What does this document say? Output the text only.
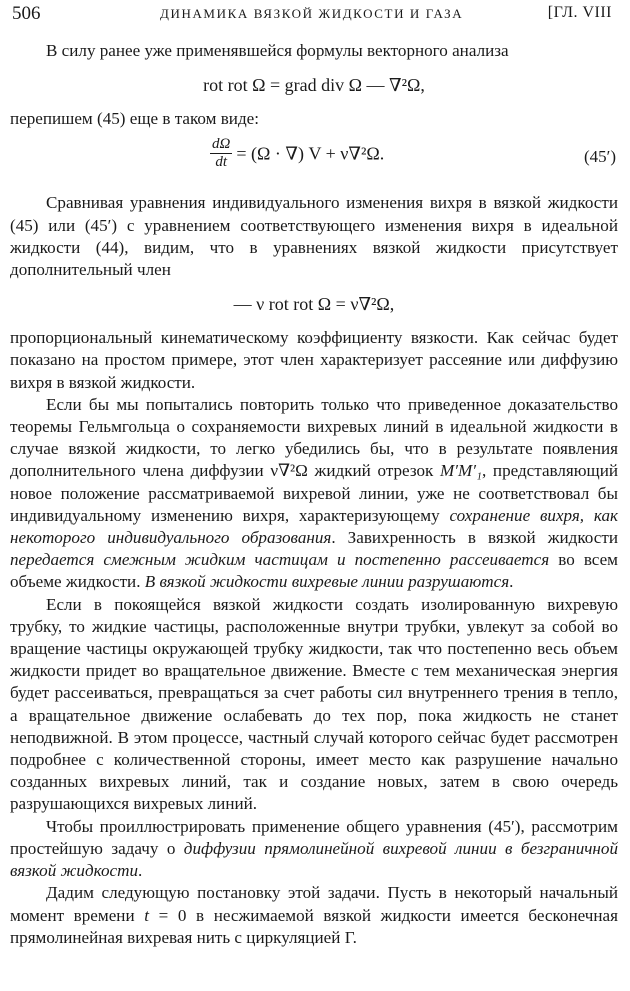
506	ДИНАМИКА ВЯЗКОЙ ЖИДКОСТИ И ГАЗА	[ГЛ. VIII

В силу ранее уже применявшейся формулы векторного анализа

rot rot Ω = grad div Ω — ∇²Ω,

перепишем (45) еще в таком виде:

$\frac{d\Omega}{dt} = (\Omega$ · ∇) V + ν∇²Ω.	(45′)

Сравнивая уравнения индивидуального изменения вихря в вязкой жидкости (45) или (45′) с уравнением соответствующего изменения вихря в идеальной жидкости (44), видим, что в уравнениях вязкой жидкости присутствует дополнительный член

— ν rot rot Ω = ν∇²Ω,

пропорциональный кинематическому коэффициенту вязкости. Как сейчас будет показано на простом примере, этот член характеризует рассеяние или диффузию вихря в вязкой жидкости.

Если бы мы попытались повторить только что приведенное доказательство теоремы Гельмгольца о сохраняемости вихревых линий в идеальной жидкости в случае вязкой жидкости, то легко убедились бы, что в результате появления дополнительного члена диффузии ν∇²Ω жидкий отрезок M′M′₁, представляющий новое положение рассматриваемой вихревой линии, уже не соответствовал бы индивидуальному изменению вихря, характеризующему сохранение вихря, как некоторого индивидуального образования. Завихренность в вязкой жидкости передается смежным жидким частицам и постепенно рассеивается во всем объеме жидкости. В вязкой жидкости вихревые линии разрушаются.

Если в покоящейся вязкой жидкости создать изолированную вихревую трубку, то жидкие частицы, расположенные внутри трубки, увлекут за собой во вращение частицы окружающей трубку жидкости, так что постепенно весь объем жидкости придет во вращательное движение. Вместе с тем механическая энергия будет рассеиваться, превращаться за счет работы сил внутреннего трения в тепло, а вращательное движение ослабевать до тех пор, пока жидкость не станет неподвижной. В этом процессе, частный случай которого сейчас будет рассмотрен подробнее с количественной стороны, имеет место как разрушение начально созданных вихревых линий, так и создание новых, затем в свою очередь разрушающихся вихревых линий.

Чтобы проиллюстрировать применение общего уравнения (45′), рассмотрим простейшую задачу о диффузии прямолинейной вихревой линии в безграничной вязкой жидкости.

Дадим следующую постановку этой задачи. Пусть в некоторый начальный момент времени t = 0 в несжимаемой вязкой жидкости имеется бесконечная прямолинейная вихревая нить с циркуляцией Г.
